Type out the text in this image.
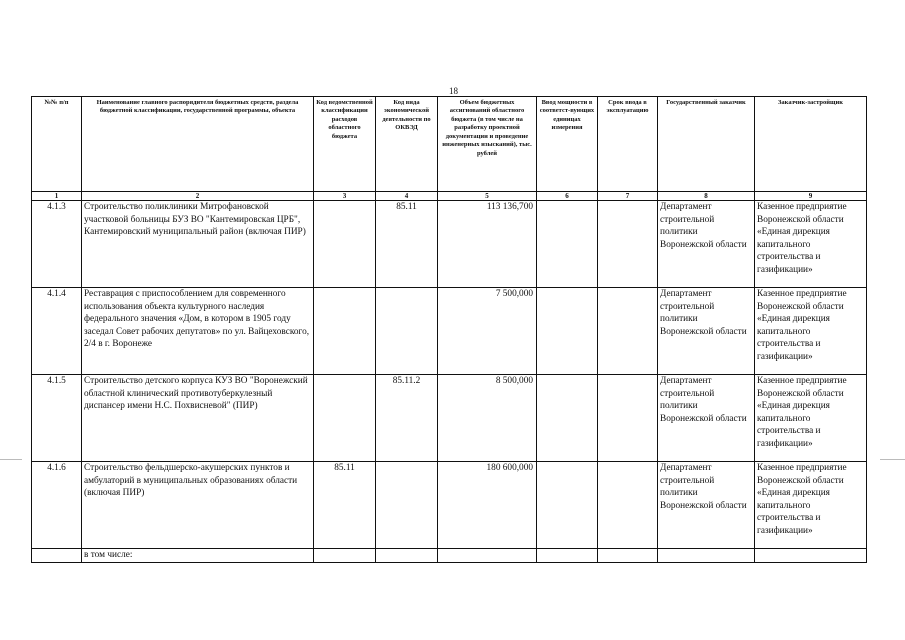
18
№№ п/п	Наименование главного распорядителя бюджетных средств, раздела бюджетной классификации, государственной программы, объекта	Код ведомственной классификации расходов областного бюджета	Код вида экономической деятельности по ОКВЭД	Объем бюджетных ассигнований областного бюджета (в том числе на разработку проектной документации и проведение инженерных изысканий), тыс. рублей	Ввод мощности в соответст-вующих единицах измерения	Срок ввода в эксплуатацию	Государственный заказчик	Заказчик-застройщик
1	2	3	4	5	6	7	8	9
4.1.3	Строительство поликлиники Митрофановской участковой больницы БУЗ ВО "Кантемировская ЦРБ", Кантемировский муниципальный район (включая ПИР)		85.11	113 136,700			Департамент строительной политики Воронежской области	Казенное предприятие Воронежской области «Единая дирекция капитального строительства и газификации»
4.1.4	Реставрация с приспособлением для современного использования объекта культурного наследия федерального значения «Дом, в котором в 1905 году заседал Совет рабочих депутатов» по ул. Вайцеховского, 2/4 в г. Воронеже			7 500,000			Департамент строительной политики Воронежской области	Казенное предприятие Воронежской области «Единая дирекция капитального строительства и газификации»
4.1.5	Строительство детского корпуса КУЗ ВО "Воронежский областной клинический противотуберкулезный диспансер имени Н.С. Похвисневой" (ПИР)		85.11.2	8 500,000			Департамент строительной политики Воронежской области	Казенное предприятие Воронежской области «Единая дирекция капитального строительства и газификации»
4.1.6	Строительство фельдшерско-акушерских пунктов и амбулаторий в муниципальных образованиях области (включая ПИР)	85.11		180 600,000			Департамент строительной политики Воронежской области	Казенное предприятие Воронежской области «Единая дирекция капитального строительства и газификации»
	в том числе:							
